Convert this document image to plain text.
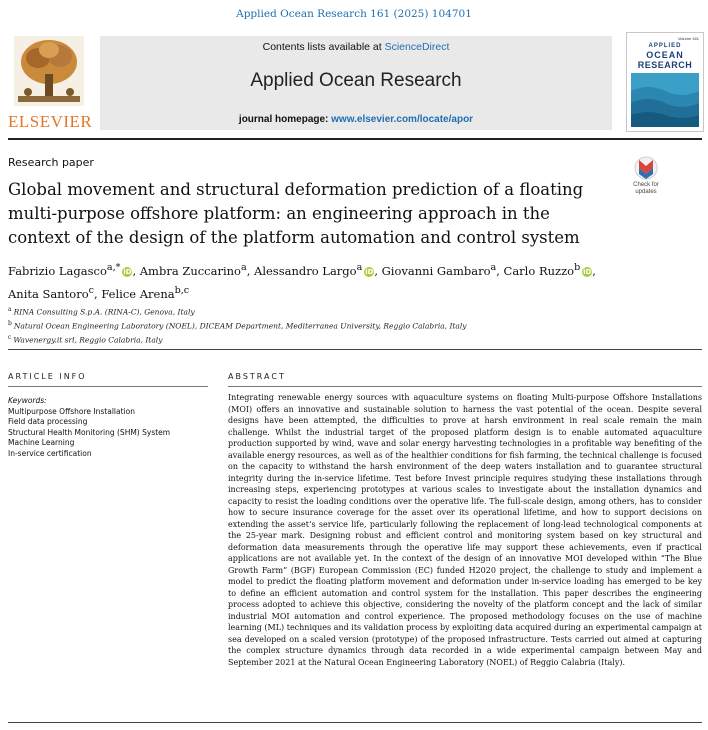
Applied Ocean Research 161 (2025) 104701
ELSEVIER
Contents lists available at ScienceDirect
Applied Ocean Research
journal homepage: www.elsevier.com/locate/apor
Volume 161
APPLIED
OCEAN
RESEARCH
Research paper
Check for updates
Global movement and structural deformation prediction of a floating multi-purpose offshore platform: an engineering approach in the context of the design of the platform automation and control system
Fabrizio Lagasco$^{a,*}$ iD, Ambra Zuccarino$^a$, Alessandro Largo$^a$ iD, Giovanni Gambaro$^a$, Carlo Ruzzo$^b$ iD, Anita Santoro$^c$, Felice Arena$^{b,c}$
$^a$ RINA Consulting S.p.A. (RINA-C), Genova, Italy
$^b$ Natural Ocean Engineering Laboratory (NOEL), DICEAM Department, Mediterranea University, Reggio Calabria, Italy
$^c$ Wavenergy.it srl, Reggio Calabria, Italy
ARTICLE INFO	ABSTRACT
Keywords:
Multipurpose Offshore Installation
Field data processing
Structural Health Monitoring (SHM) System
Machine Learning
In-service certification

Integrating renewable energy sources with aquaculture systems on floating Multi-purpose Offshore Installations (MOI) offers an innovative and sustainable solution to harness the vast potential of the ocean. Despite several designs have been attempted, the difficulties to prove at harsh environment in real scale remain the main challenge. Whilst the industrial target of the proposed platform design is to enable automated aquaculture production supported by wind, wave and solar energy harvesting technologies in a profitable way benefiting of the available energy resources, as well as of the healthier conditions for fish farming, the technical challenge is focused on the capacity to withstand the harsh environment of the deep waters installation and to guarantee structural integrity during the in-service lifetime. Test before Invest principle requires studying these installations through increasing steps, experiencing prototypes at various scales to investigate about the installation dynamics and capacity to resist the loading conditions over the operative life. The full-scale design, among others, has to consider how to secure insurance coverage for the asset over its operational lifetime, and how to support decisions on extending the asset’s service life, particularly following the replacement of long-lead technological components at the 25-year mark. Designing robust and efficient control and monitoring system based on key structural and deformation data measurements through the operative life may support these achievements, even if practical applications are not available yet. In the context of the design of an innovative MOI developed within “The Blue Growth Farm” (BGF) European Commission (EC) funded H2020 project, the challenge to study and implement a model to predict the floating platform movement and deformation under in-service loading has emerged to be key to define an efficient automation and control system for the installation. This paper describes the engineering process adopted to achieve this objective, considering the novelty of the platform concept and the lack of similar industrial MOI automation and control experience. The proposed methodology focuses on the use of machine learning (ML) techniques and its validation process by exploiting data acquired during an experimental campaign at sea developed on a scaled version (prototype) of the proposed infrastructure. Tests carried out aimed at capturing the complex structure dynamics through data recorded in a wide experimental campaign between May and September 2021 at the Natural Ocean Engineering Laboratory (NOEL) of Reggio Calabria (Italy).
